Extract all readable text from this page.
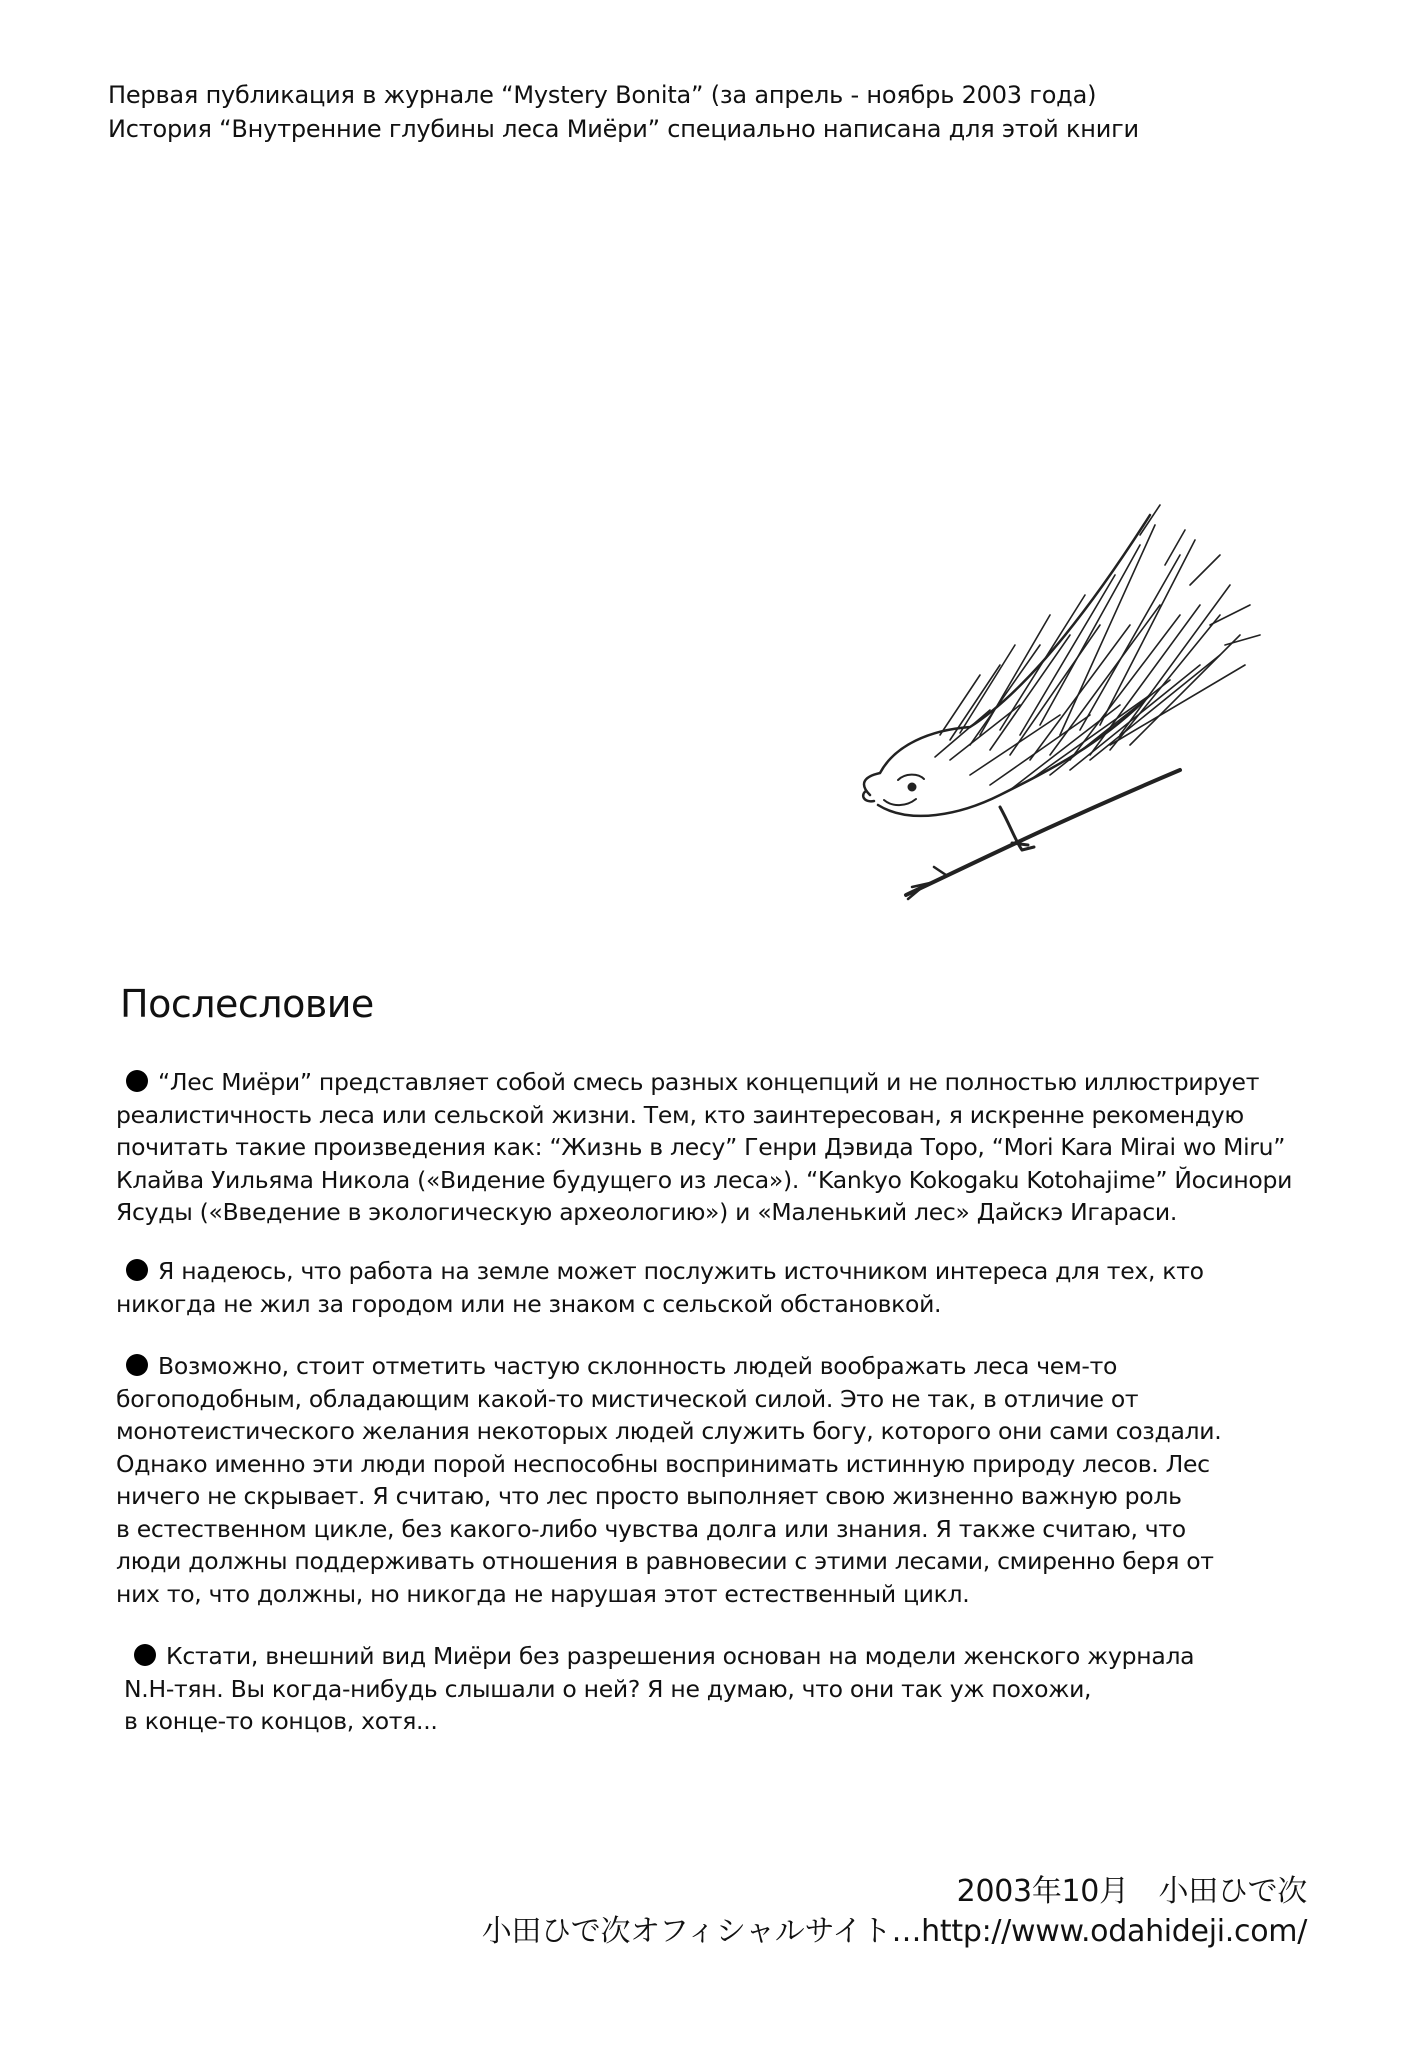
Первая публикация в журнале “Mystery Bonita” (за апрель - ноябрь 2003 года)
История “Внутренние глубины леса Миёри” специально написана для этой книги
Послесловие
“Лес Миёри” представляет собой смесь разных концепций и не полностью иллюстрирует
реалистичность леса или сельской жизни. Тем, кто заинтересован, я искренне рекомендую
почитать такие произведения как: “Жизнь в лесу” Генри Дэвида Торо, “Mori Kara Mirai wo Miru”
Клайва Уильяма Никола («Видение будущего из леса»). “Kankyo Kokogaku Kotohajime” Йосинори
Ясуды («Введение в экологическую археологию») и «Маленький лес» Дайскэ Игараси.
Я надеюсь, что работа на земле может послужить источником интереса для тех, кто
никогда не жил за городом или не знаком с сельской обстановкой.
Возможно, стоит отметить частую склонность людей воображать леса чем-то
богоподобным, обладающим какой-то мистической силой. Это не так, в отличие от
монотеистического желания некоторых людей служить богу, которого они сами создали.
Однако именно эти люди порой неспособны воспринимать истинную природу лесов. Лес
ничего не скрывает. Я считаю, что лес просто выполняет свою жизненно важную роль
в естественном цикле, без какого-либо чувства долга или знания. Я также считаю, что
люди должны поддерживать отношения в равновесии с этими лесами, смиренно беря от
них то, что должны, но никогда не нарушая этот естественный цикл.
Кстати, внешний вид Миёри без разрешения основан на модели женского журнала
N.H-тян. Вы когда-нибудь слышали о ней? Я не думаю, что они так уж похожи,
в конце-то концов, хотя...
2003年10月　小田ひで次
小田ひで次オフィシャルサイト…http://www.odahideji.com/
